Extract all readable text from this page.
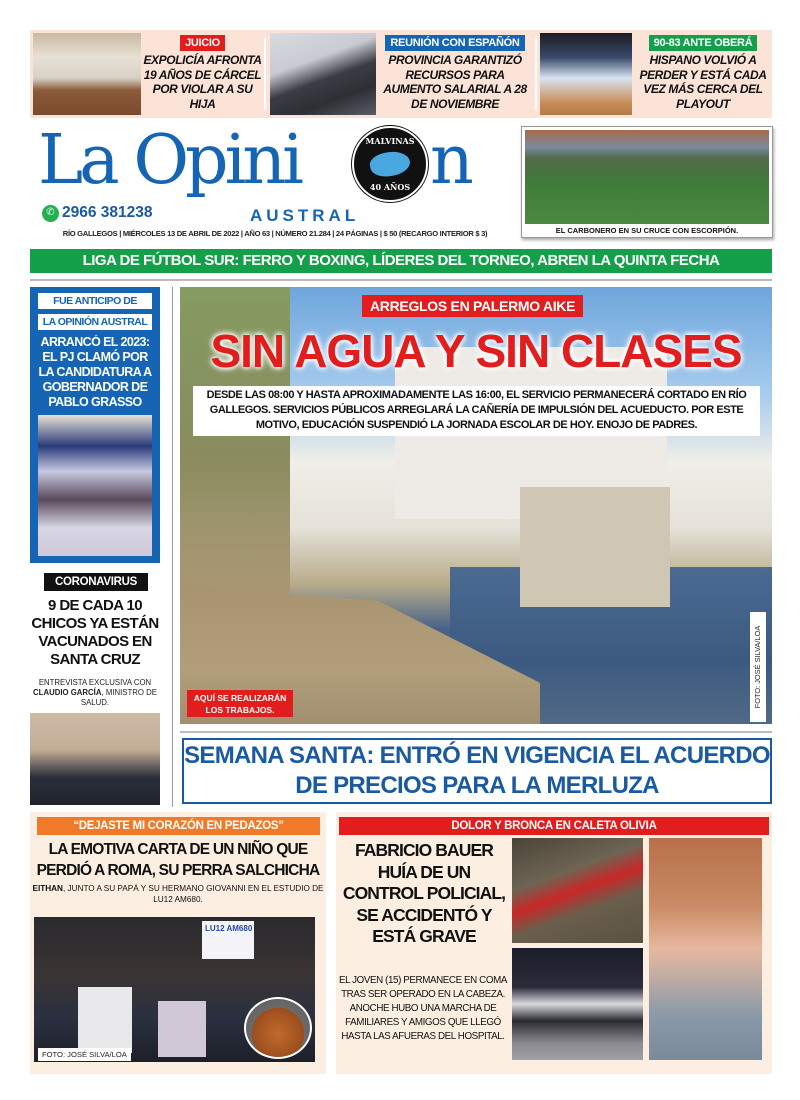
JUICIO
EXPOLICÍA AFRONTA 19 AÑOS DE CÁRCEL POR VIOLAR A SU HIJA
REUNIÓN CON ESPAÑÓN
PROVINCIA GARANTIZÓ RECURSOS PARA AUMENTO SALARIAL A 28 DE NOVIEMBRE
90-83 ANTE OBERÁ
HISPANO VOLVIÓ A PERDER Y ESTÁ CADA VEZ MÁS CERCA DEL PLAYOUT
La Opini	MALVINAS
40 AÑOS n
AUSTRAL
✆ 2966 381238
RÍO GALLEGOS | MIÉRCOLES 13 DE ABRIL DE 2022 | AÑO 63 | NÚMERO 21.284 | 24 PÁGINAS | $ 50 (RECARGO INTERIOR $ 3)	EL CARBONERO EN SU CRUCE CON ESCORPIÓN.
LIGA DE FÚTBOL SUR: FERRO Y BOXING, LÍDERES DEL TORNEO, ABREN LA QUINTA FECHA
FUE ANTICIPO DE
LA OPINIÓN AUSTRAL
ARRANCÓ EL 2023: EL PJ CLAMÓ POR LA CANDIDATURA A GOBERNADOR DE PABLO GRASSO
CORONAVIRUS
9 DE CADA 10 CHICOS YA ESTÁN VACUNADOS EN SANTA CRUZ
ENTREVISTA EXCLUSIVA CON CLAUDIO GARCÍA, MINISTRO DE SALUD.
ARREGLOS EN PALERMO AIKE
SIN AGUA Y SIN CLASES
DESDE LAS 08:00 Y HASTA APROXIMADAMENTE LAS 16:00, EL SERVICIO PERMANECERÁ CORTADO EN RÍO GALLEGOS. SERVICIOS PÚBLICOS ARREGLARÁ LA CAÑERÍA DE IMPULSIÓN DEL ACUEDUCTO. POR ESTE MOTIVO, EDUCACIÓN SUSPENDIÓ LA JORNADA ESCOLAR DE HOY. ENOJO DE PADRES.
AQUÍ SE REALIZARÁN LOS TRABAJOS.
FOTO: JOSÉ SILVA/LOA
SEMANA SANTA: ENTRÓ EN VIGENCIA EL ACUERDO DE PRECIOS PARA LA MERLUZA
“DEJASTE MI CORAZÓN EN PEDAZOS”
LA EMOTIVA CARTA DE UN NIÑO QUE PERDIÓ A ROMA, SU PERRA SALCHICHA
EITHAN, JUNTO A SU PAPÁ Y SU HERMANO GIOVANNI EN EL ESTUDIO DE LU12 AM680.
LU12 AM680
FOTO: JOSÉ SILVA/LOA
DOLOR Y BRONCA EN CALETA OLIVIA
FABRICIO BAUER HUÍA DE UN CONTROL POLICIAL, SE ACCIDENTÓ Y ESTÁ GRAVE
EL JOVEN (15) PERMANECE EN COMA TRAS SER OPERADO EN LA CABEZA. ANOCHE HUBO UNA MARCHA DE FAMILIARES Y AMIGOS QUE LLEGÓ HASTA LAS AFUERAS DEL HOSPITAL.
